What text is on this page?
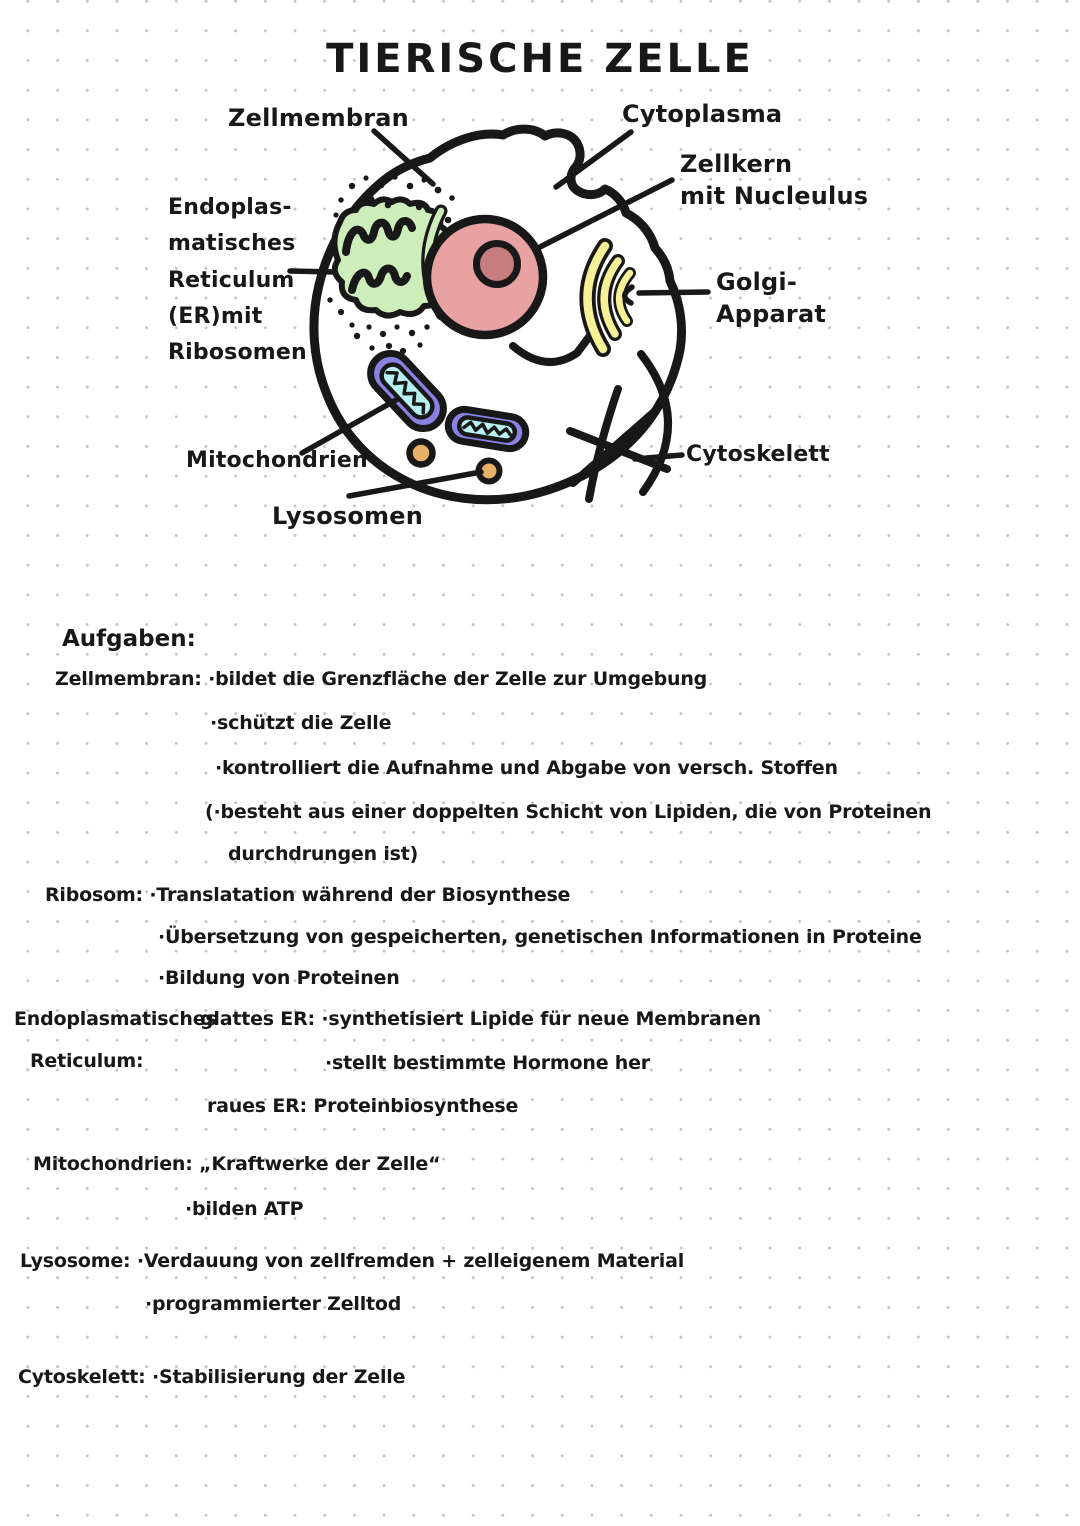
TIERISCHE ZELLE
Zellmembran	Cytoplasma
Zellkern
mit Nucleulus
Endoplas-
matisches
Reticulum
(ER)mit
Ribosomen
Golgi-
Apparat
Mitochondrien
Lysosomen
Cytoskelett
Aufgaben:
Zellmembran: ·bildet die Grenzfläche der Zelle zur Umgebung
·schützt die Zelle
·kontrolliert die Aufnahme und Abgabe von versch. Stoffen
(·besteht aus einer doppelten Schicht von Lipiden, die von Proteinen
durchdrungen ist)
Ribosom: ·Translatation während der Biosynthese
·Übersetzung von gespeicherten, genetischen Informationen in Proteine
·Bildung von Proteinen
Endoplasmatisches
glattes ER: ·synthetisiert Lipide für neue Membranen
Reticulum:	·stellt bestimmte Hormone her
raues ER: Proteinbiosynthese
Mitochondrien: „Kraftwerke der Zelle“
·bilden ATP
Lysosome: ·Verdauung von zellfremden + zelleigenem Material
·programmierter Zelltod
Cytoskelett: ·Stabilisierung der Zelle
